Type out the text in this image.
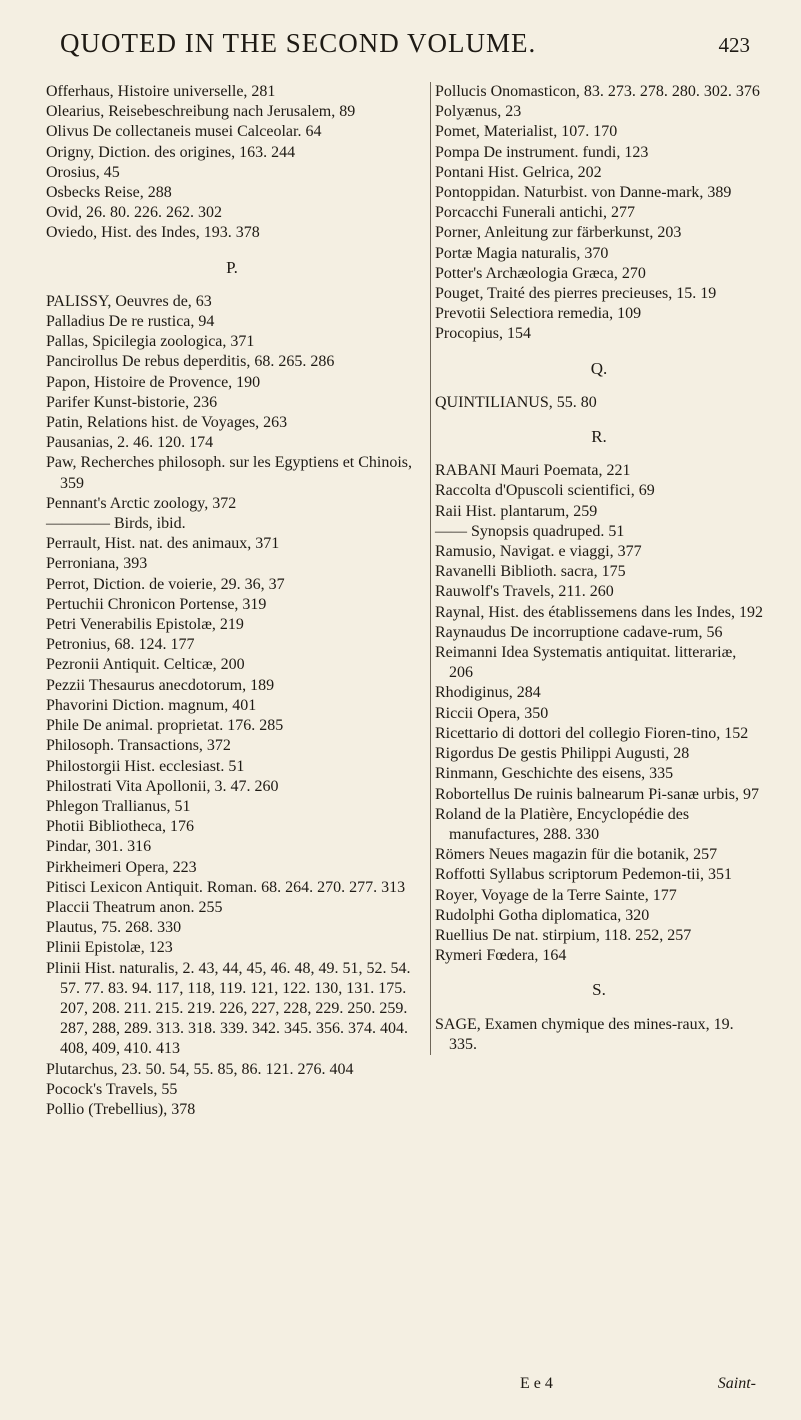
QUOTED IN THE SECOND VOLUME.	423
Offerhaus, Histoire universelle, 281
Olearius, Reisebeschreibung nach Jerusalem, 89
Olivus De collectaneis musei Calceolar. 64
Origny, Diction. des origines, 163. 244
Orosius, 45
Osbecks Reise, 288
Ovid, 26. 80. 226. 262. 302
Oviedo, Hist. des Indes, 193. 378
P.
PALISSY, Oeuvres de, 63
Palladius De re rustica, 94
Pallas, Spicilegia zoologica, 371
Pancirollus De rebus deperditis, 68. 265. 286
Papon, Histoire de Provence, 190
Parifer Kunst-bistorie, 236
Patin, Relations hist. de Voyages, 263
Pausanias, 2. 46. 120. 174
Paw, Recherches philosoph. sur les Egyptiens et Chinois, 359
Pennant's Arctic zoology, 372
———— Birds, ibid.
Perrault, Hist. nat. des animaux, 371
Perroniana, 393
Perrot, Diction. de voierie, 29. 36, 37
Pertuchii Chronicon Portense, 319
Petri Venerabilis Epistolæ, 219
Petronius, 68. 124. 177
Pezronii Antiquit. Celticæ, 200
Pezzii Thesaurus anecdotorum, 189
Phavorini Diction. magnum, 401
Phile De animal. proprietat. 176. 285
Philosoph. Transactions, 372
Philostorgii Hist. ecclesiast. 51
Philostrati Vita Apollonii, 3. 47. 260
Phlegon Trallianus, 51
Photii Bibliotheca, 176
Pindar, 301. 316
Pirkheimeri Opera, 223
Pitisci Lexicon Antiquit. Roman. 68. 264. 270. 277. 313
Placcii Theatrum anon. 255
Plautus, 75. 268. 330
Plinii Epistolæ, 123
Plinii Hist. naturalis, 2. 43, 44, 45, 46. 48, 49. 51, 52. 54. 57. 77. 83. 94. 117, 118, 119. 121, 122. 130, 131. 175. 207, 208. 211. 215. 219. 226, 227, 228, 229. 250. 259. 287, 288, 289. 313. 318. 339. 342. 345. 356. 374. 404. 408, 409, 410. 413
Plutarchus, 23. 50. 54, 55. 85, 86. 121. 276. 404
Pocock's Travels, 55
Pollio (Trebellius), 378
Pollucis Onomasticon, 83. 273. 278. 280. 302. 376
Polyænus, 23
Pomet, Materialist, 107. 170
Pompa De instrument. fundi, 123
Pontani Hist. Gelrica, 202
Pontoppidan. Naturbist. von Danne-mark, 389
Porcacchi Funerali antichi, 277
Porner, Anleitung zur färberkunst, 203
Portæ Magia naturalis, 370
Potter's Archæologia Græca, 270
Pouget, Traité des pierres precieuses, 15. 19
Prevotii Selectiora remedia, 109
Procopius, 154
Q.
QUINTILIANUS, 55. 80
R.
RABANI Mauri Poemata, 221
Raccolta d'Opuscoli scientifici, 69
Raii Hist. plantarum, 259
—— Synopsis quadruped. 51
Ramusio, Navigat. e viaggi, 377
Ravanelli Biblioth. sacra, 175
Rauwolf's Travels, 211. 260
Raynal, Hist. des établissemens dans les Indes, 192
Raynaudus De incorruptione cadave-rum, 56
Reimanni Idea Systematis antiquitat. litterariæ, 206
Rhodiginus, 284
Riccii Opera, 350
Ricettario di dottori del collegio Fioren-tino, 152
Rigordus De gestis Philippi Augusti, 28
Rinmann, Geschichte des eisens, 335
Robortellus De ruinis balnearum Pi-sanæ urbis, 97
Roland de la Platière, Encyclopédie des manufactures, 288. 330
Römers Neues magazin für die botanik, 257
Roffotti Syllabus scriptorum Pedemon-tii, 351
Royer, Voyage de la Terre Sainte, 177
Rudolphi Gotha diplomatica, 320
Ruellius De nat. stirpium, 118. 252, 257
Rymeri Fœdera, 164
S.
SAGE, Examen chymique des mines-raux, 19. 335.
E e 4	Saint-
